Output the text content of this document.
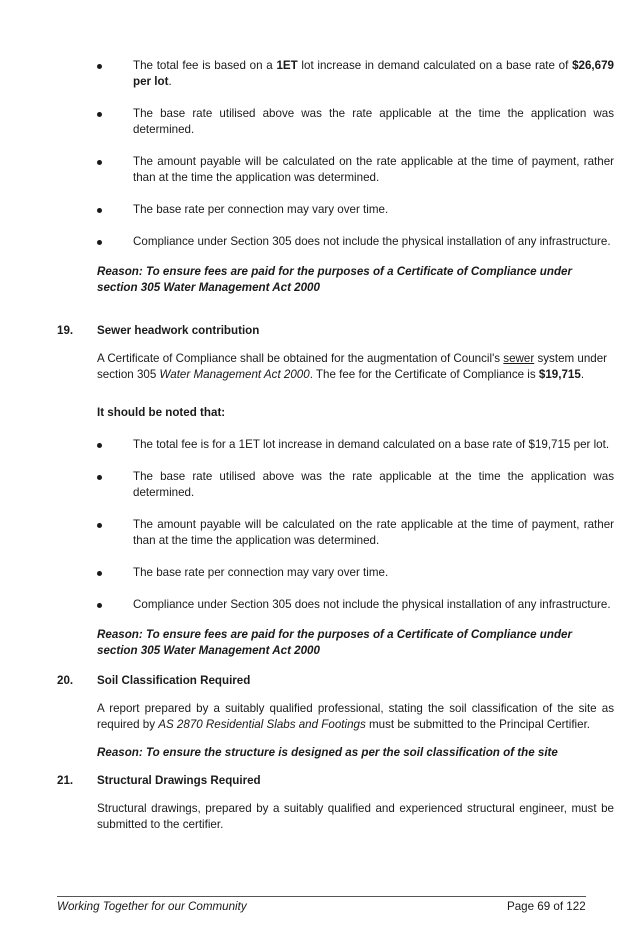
The total fee is based on a 1ET lot increase in demand calculated on a base rate of $26,679 per lot.
The base rate utilised above was the rate applicable at the time the application was determined.
The amount payable will be calculated on the rate applicable at the time of payment, rather than at the time the application was determined.
The base rate per connection may vary over time.
Compliance under Section 305 does not include the physical installation of any infrastructure.

Reason: To ensure fees are paid for the purposes of a Certificate of Compliance under section 305 Water Management Act 2000

19. Sewer headwork contribution

A Certificate of Compliance shall be obtained for the augmentation of Council's sewer system under section 305 Water Management Act 2000. The fee for the Certificate of Compliance is $19,715.

It should be noted that:

The total fee is for a 1ET lot increase in demand calculated on a base rate of $19,715 per lot.
The base rate utilised above was the rate applicable at the time the application was determined.
The amount payable will be calculated on the rate applicable at the time of payment, rather than at the time the application was determined.
The base rate per connection may vary over time.
Compliance under Section 305 does not include the physical installation of any infrastructure.

Reason: To ensure fees are paid for the purposes of a Certificate of Compliance under section 305 Water Management Act 2000

20. Soil Classification Required

A report prepared by a suitably qualified professional, stating the soil classification of the site as required by AS 2870 Residential Slabs and Footings must be submitted to the Principal Certifier.

Reason: To ensure the structure is designed as per the soil classification of the site

21. Structural Drawings Required

Structural drawings, prepared by a suitably qualified and experienced structural engineer, must be submitted to the certifier.

Working Together for our Community	Page 69 of 122
